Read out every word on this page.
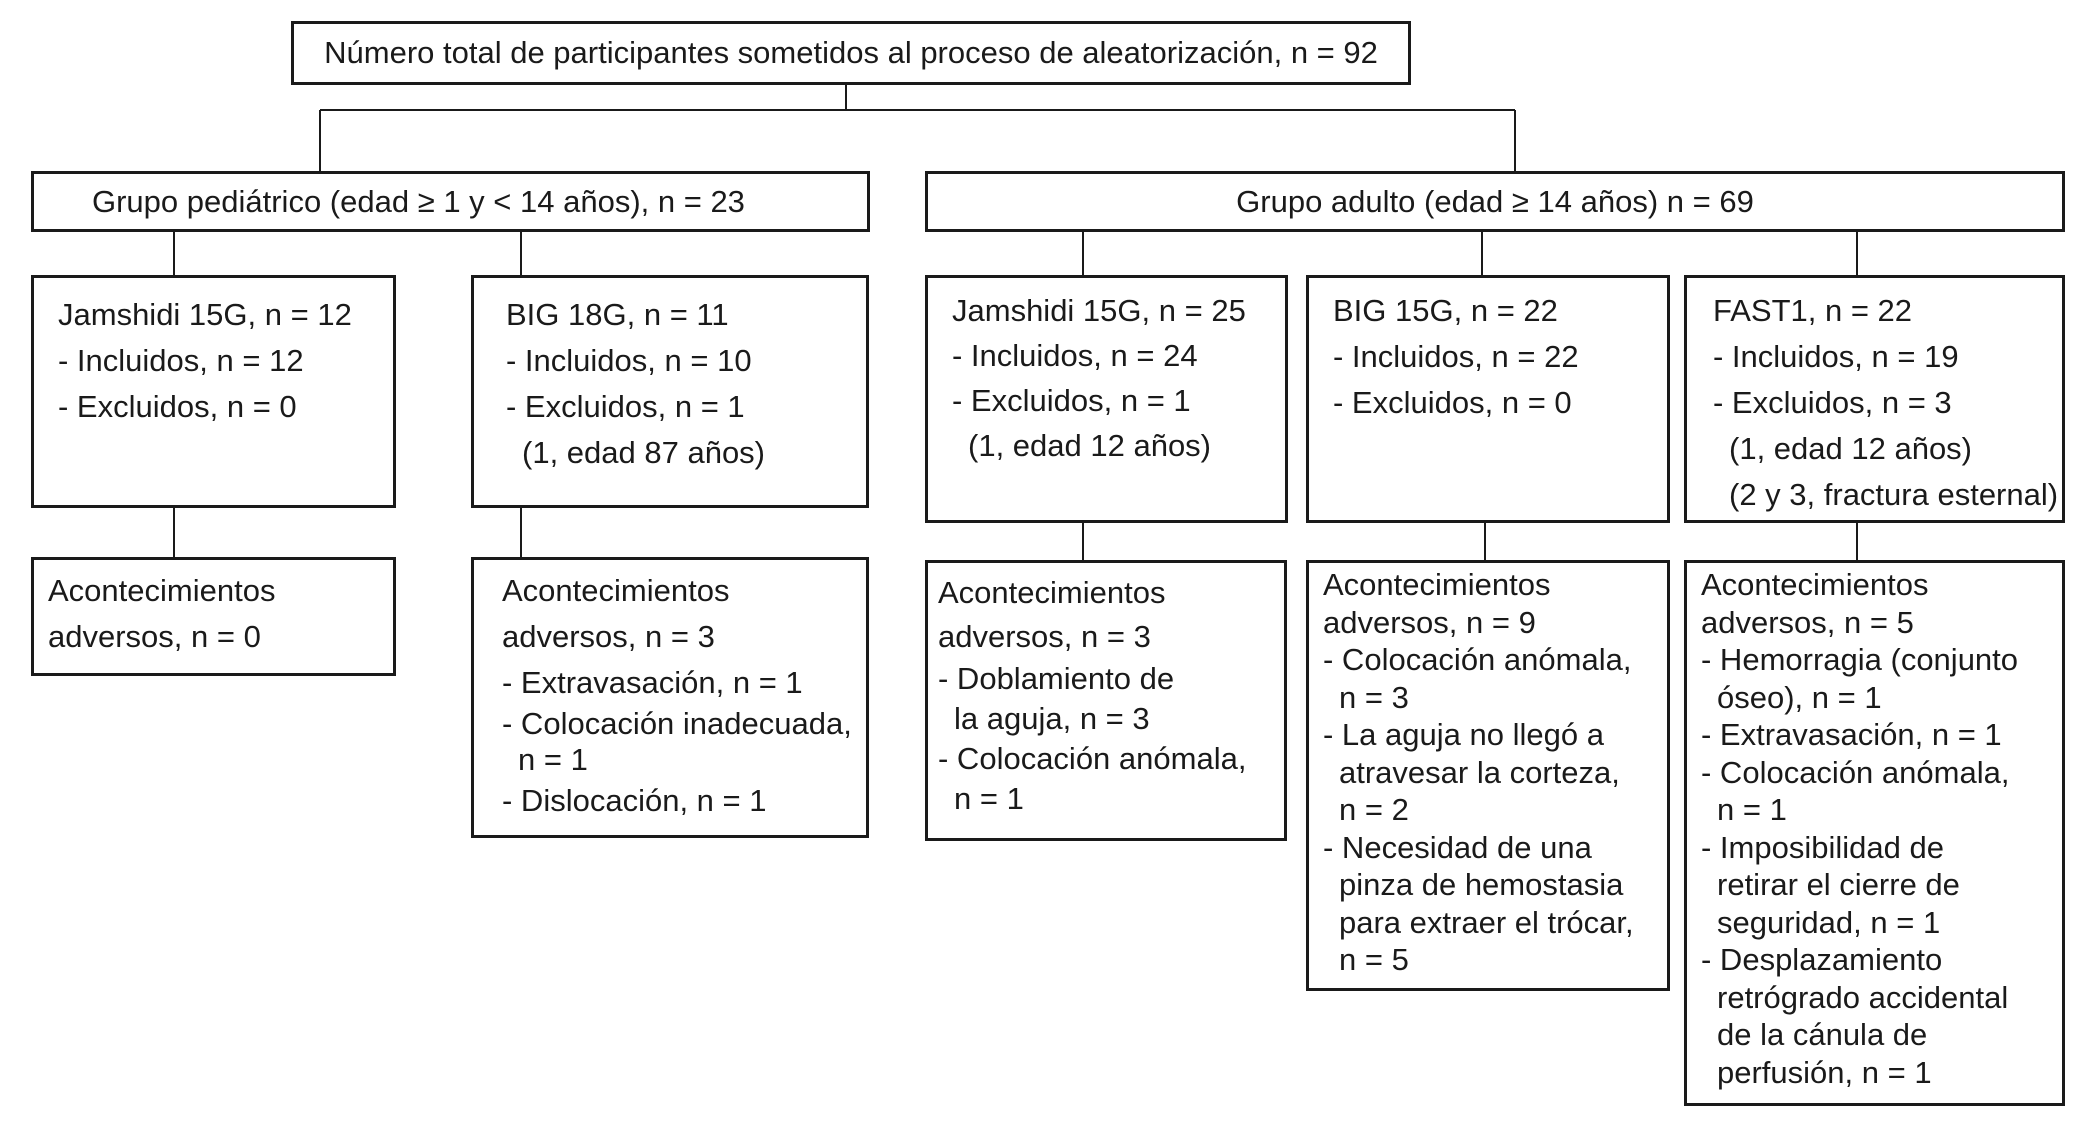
Número total de participantes sometidos al proceso de aleatorización, n = 92
Grupo pediátrico (edad ≥ 1 y < 14 años), n = 23	Grupo adulto (edad ≥ 14 años) n = 69
Jamshidi 15G, n = 12
- Incluidos, n = 12
- Excluidos, n = 0
BIG 18G, n = 11
- Incluidos, n = 10
- Excluidos, n = 1
(1, edad 87 años)
Jamshidi 15G, n = 25
- Incluidos, n = 24
- Excluidos, n = 1
(1, edad 12 años)
BIG 15G, n = 22
- Incluidos, n = 22
- Excluidos, n = 0
FAST1, n = 22
- Incluidos, n = 19
- Excluidos, n = 3
(1, edad 12 años)
(2 y 3, fractura esternal)
Acontecimientos
adversos, n = 0
Acontecimientos
adversos, n = 3
- Extravasación, n = 1
- Colocación inadecuada,
n = 1
- Dislocación, n = 1
Acontecimientos
adversos, n = 3
- Doblamiento de
la aguja, n = 3
- Colocación anómala,
n = 1
Acontecimientos
adversos, n = 9
- Colocación anómala,
n = 3
- La aguja no llegó a
atravesar la corteza,
n = 2
- Necesidad de una
pinza de hemostasia
para extraer el trócar,
n = 5
Acontecimientos
adversos, n = 5
- Hemorragia (conjunto
óseo), n = 1
- Extravasación, n = 1
- Colocación anómala,
n = 1
- Imposibilidad de
retirar el cierre de
seguridad, n = 1
- Desplazamiento
retrógrado accidental
de la cánula de
perfusión, n = 1
